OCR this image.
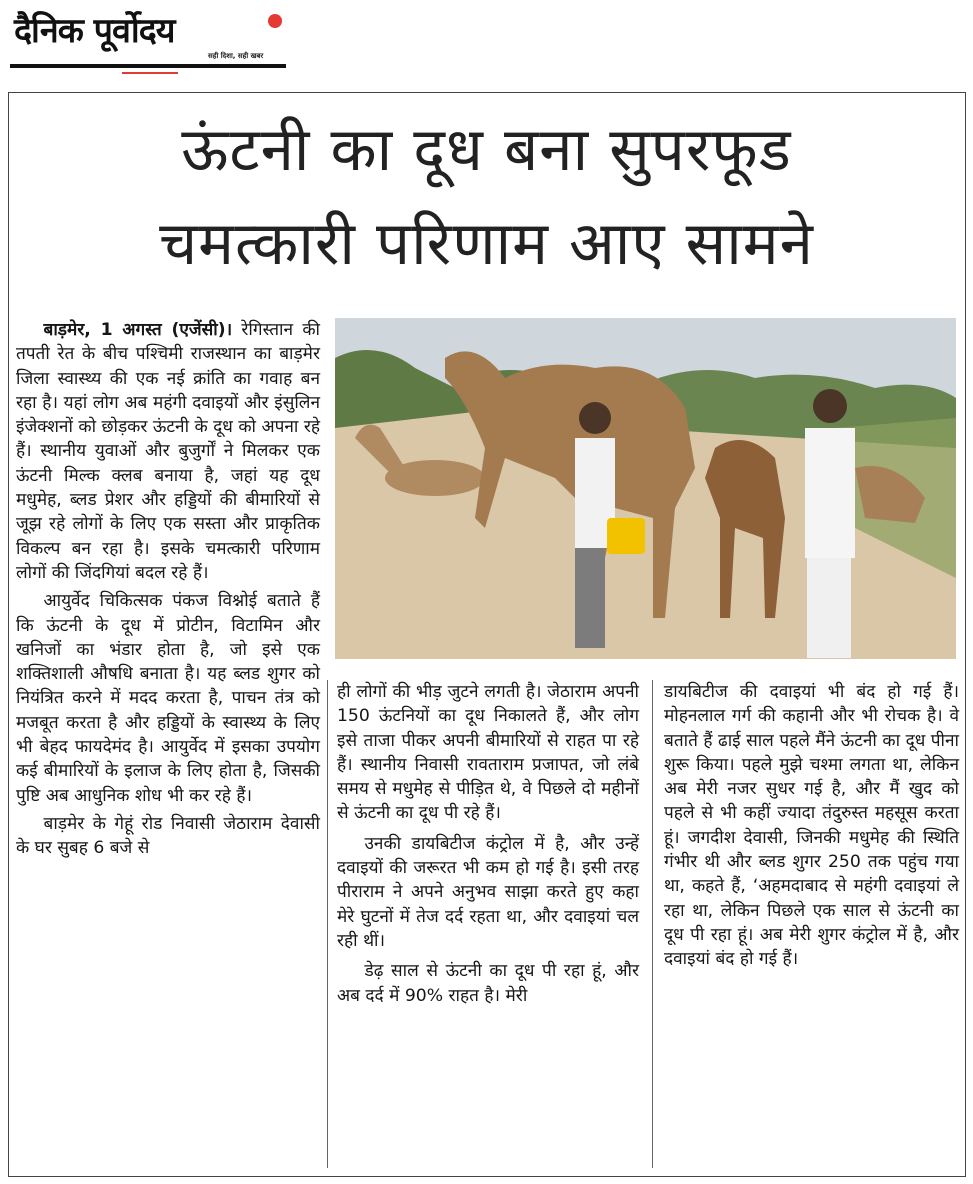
दैनिक पूर्वोदय
सही दिशा, सही खबर
ऊंटनी का दूध बना सुपरफूड
चमत्कारी परिणाम आए सामने

बाड़मेर, 1 अगस्त (एजेंसी)। रेगिस्तान की तपती रेत के बीच पश्चिमी राजस्थान का बाड़मेर जिला स्वास्थ्य की एक नई क्रांति का गवाह बन रहा है। यहां लोग अब महंगी दवाइयों और इंसुलिन इंजेक्शनों को छोड़कर ऊंटनी के दूध को अपना रहे हैं। स्थानीय युवाओं और बुजुर्गों ने मिलकर एक ऊंटनी मिल्क क्लब बनाया है, जहां यह दूध मधुमेह, ब्लड प्रेशर और हड्डियों की बीमारियों से जूझ रहे लोगों के लिए एक सस्ता और प्राकृतिक विकल्प बन रहा है। इसके चमत्कारी परिणाम लोगों की जिंदगियां बदल रहे हैं।

आयुर्वेद चिकित्सक पंकज विश्नोई बताते हैं कि ऊंटनी के दूध में प्रोटीन, विटामिन और खनिजों का भंडार होता है, जो इसे एक शक्तिशाली औषधि बनाता है। यह ब्लड शुगर को नियंत्रित करने में मदद करता है, पाचन तंत्र को मजबूत करता है और हड्डियों के स्वास्थ्य के लिए भी बेहद फायदेमंद है। आयुर्वेद में इसका उपयोग कई बीमारियों के इलाज के लिए होता है, जिसकी पुष्टि अब आधुनिक शोध भी कर रहे हैं।

बाड़मेर के गेहूं रोड निवासी जेठाराम देवासी के घर सुबह 6 बजे से

ही लोगों की भीड़ जुटने लगती है। जेठाराम अपनी 150 ऊंटनियों का दूध निकालते हैं, और लोग इसे ताजा पीकर अपनी बीमारियों से राहत पा रहे हैं। स्थानीय निवासी रावताराम प्रजापत, जो लंबे समय से मधुमेह से पीड़ित थे, वे पिछले दो महीनों से ऊंटनी का दूध पी रहे हैं।

उनकी डायबिटीज कंट्रोल में है, और उन्हें दवाइयों की जरूरत भी कम हो गई है। इसी तरह पीराराम ने अपने अनुभव साझा करते हुए कहा मेरे घुटनों में तेज दर्द रहता था, और दवाइयां चल रही थीं।

डेढ़ साल से ऊंटनी का दूध पी रहा हूं, और अब दर्द में 90% राहत है। मेरी

डायबिटीज की दवाइयां भी बंद हो गई हैं। मोहनलाल गर्ग की कहानी और भी रोचक है। वे बताते हैं ढाई साल पहले मैंने ऊंटनी का दूध पीना शुरू किया। पहले मुझे चश्मा लगता था, लेकिन अब मेरी नजर सुधर गई है, और मैं खुद को पहले से भी कहीं ज्यादा तंदुरुस्त महसूस करता हूं। जगदीश देवासी, जिनकी मधुमेह की स्थिति गंभीर थी और ब्लड शुगर 250 तक पहुंच गया था, कहते हैं, ‘अहमदाबाद से महंगी दवाइयां ले रहा था, लेकिन पिछले एक साल से ऊंटनी का दूध पी रहा हूं। अब मेरी शुगर कंट्रोल में है, और दवाइयां बंद हो गई हैं।
